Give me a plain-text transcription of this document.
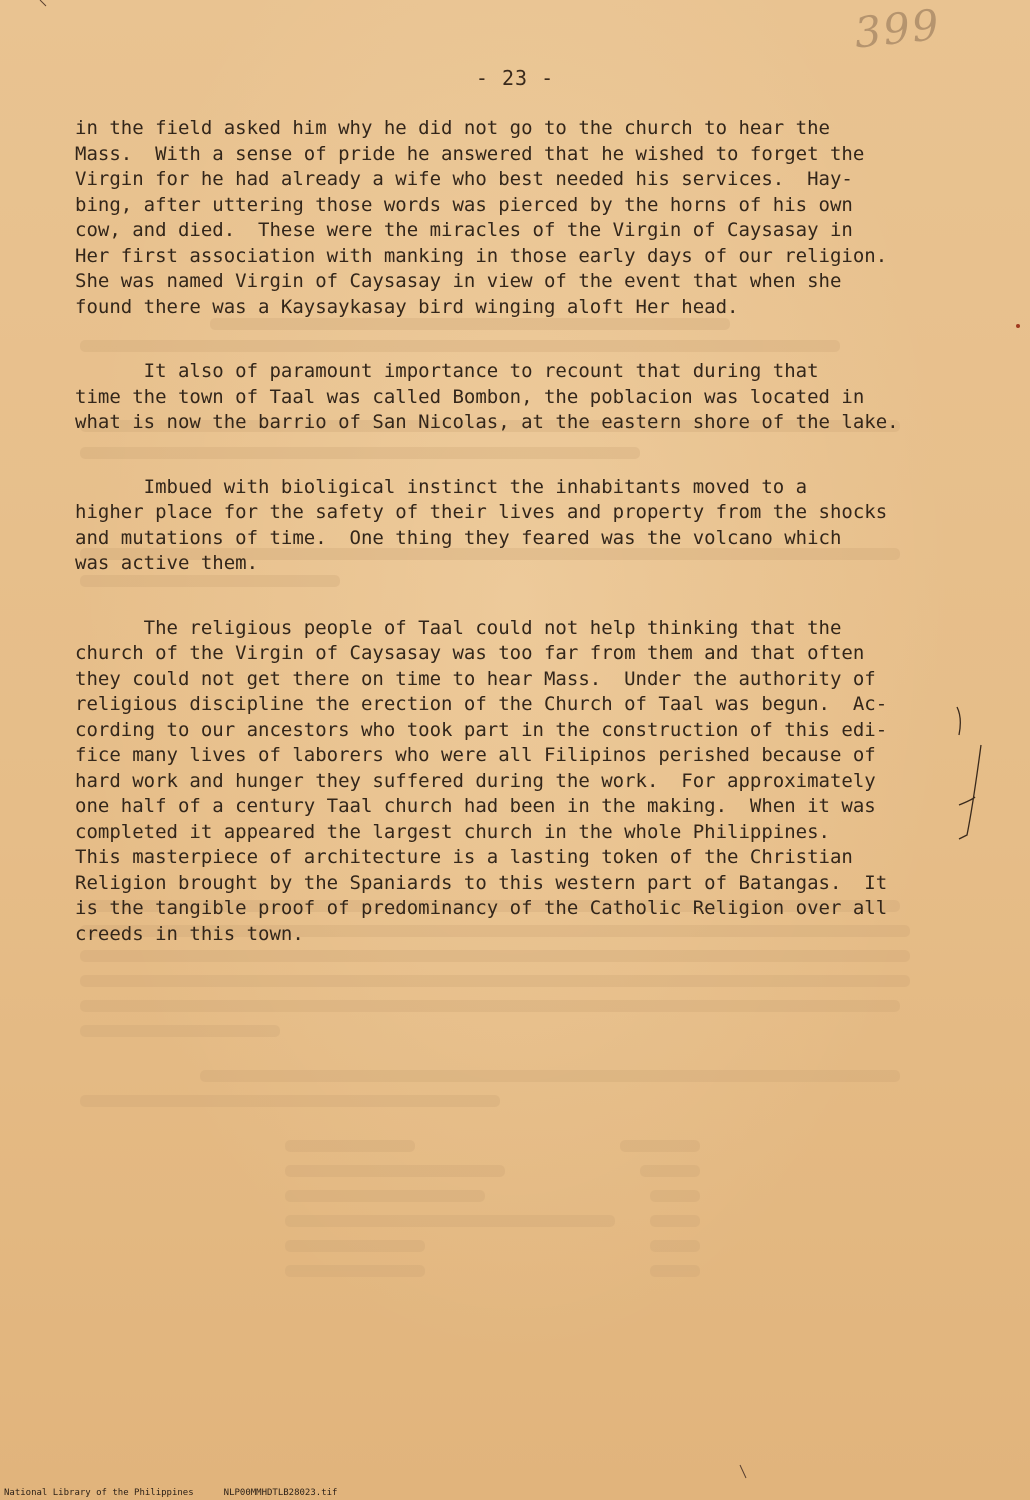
399
- 23 -
in the field asked him why he did not go to the church to hear the
Mass.  With a sense of pride he answered that he wished to forget the
Virgin for he had already a wife who best needed his services.  Hay-
bing, after uttering those words was pierced by the horns of his own
cow, and died.  These were the miracles of the Virgin of Caysasay in
Her first association with manking in those early days of our religion.
She was named Virgin of Caysasay in view of the event that when she
found there was a Kaysaykasay bird winging aloft Her head.
It also of paramount importance to recount that during that
time the town of Taal was called Bombon, the poblacion was located in
what is now the barrio of San Nicolas, at the eastern shore of the lake.
Imbued with bioligical instinct the inhabitants moved to a
higher place for the safety of their lives and property from the shocks
and mutations of time.  One thing they feared was the volcano which
was active them.
The religious people of Taal could not help thinking that the
church of the Virgin of Caysasay was too far from them and that often
they could not get there on time to hear Mass.  Under the authority of
religious discipline the erection of the Church of Taal was begun.  Ac-
cording to our ancestors who took part in the construction of this edi-
fice many lives of laborers who were all Filipinos perished because of
hard work and hunger they suffered during the work.  For approximately
one half of a century Taal church had been in the making.  When it was
completed it appeared the largest church in the whole Philippines.
This masterpiece of architecture is a lasting token of the Christian
Religion brought by the Spaniards to this western part of Batangas.  It
is the tangible proof of predominancy of the Catholic Religion over all
creeds in this town.
National Library of the Philippines	NLP00MMHDTLB28023.tif
